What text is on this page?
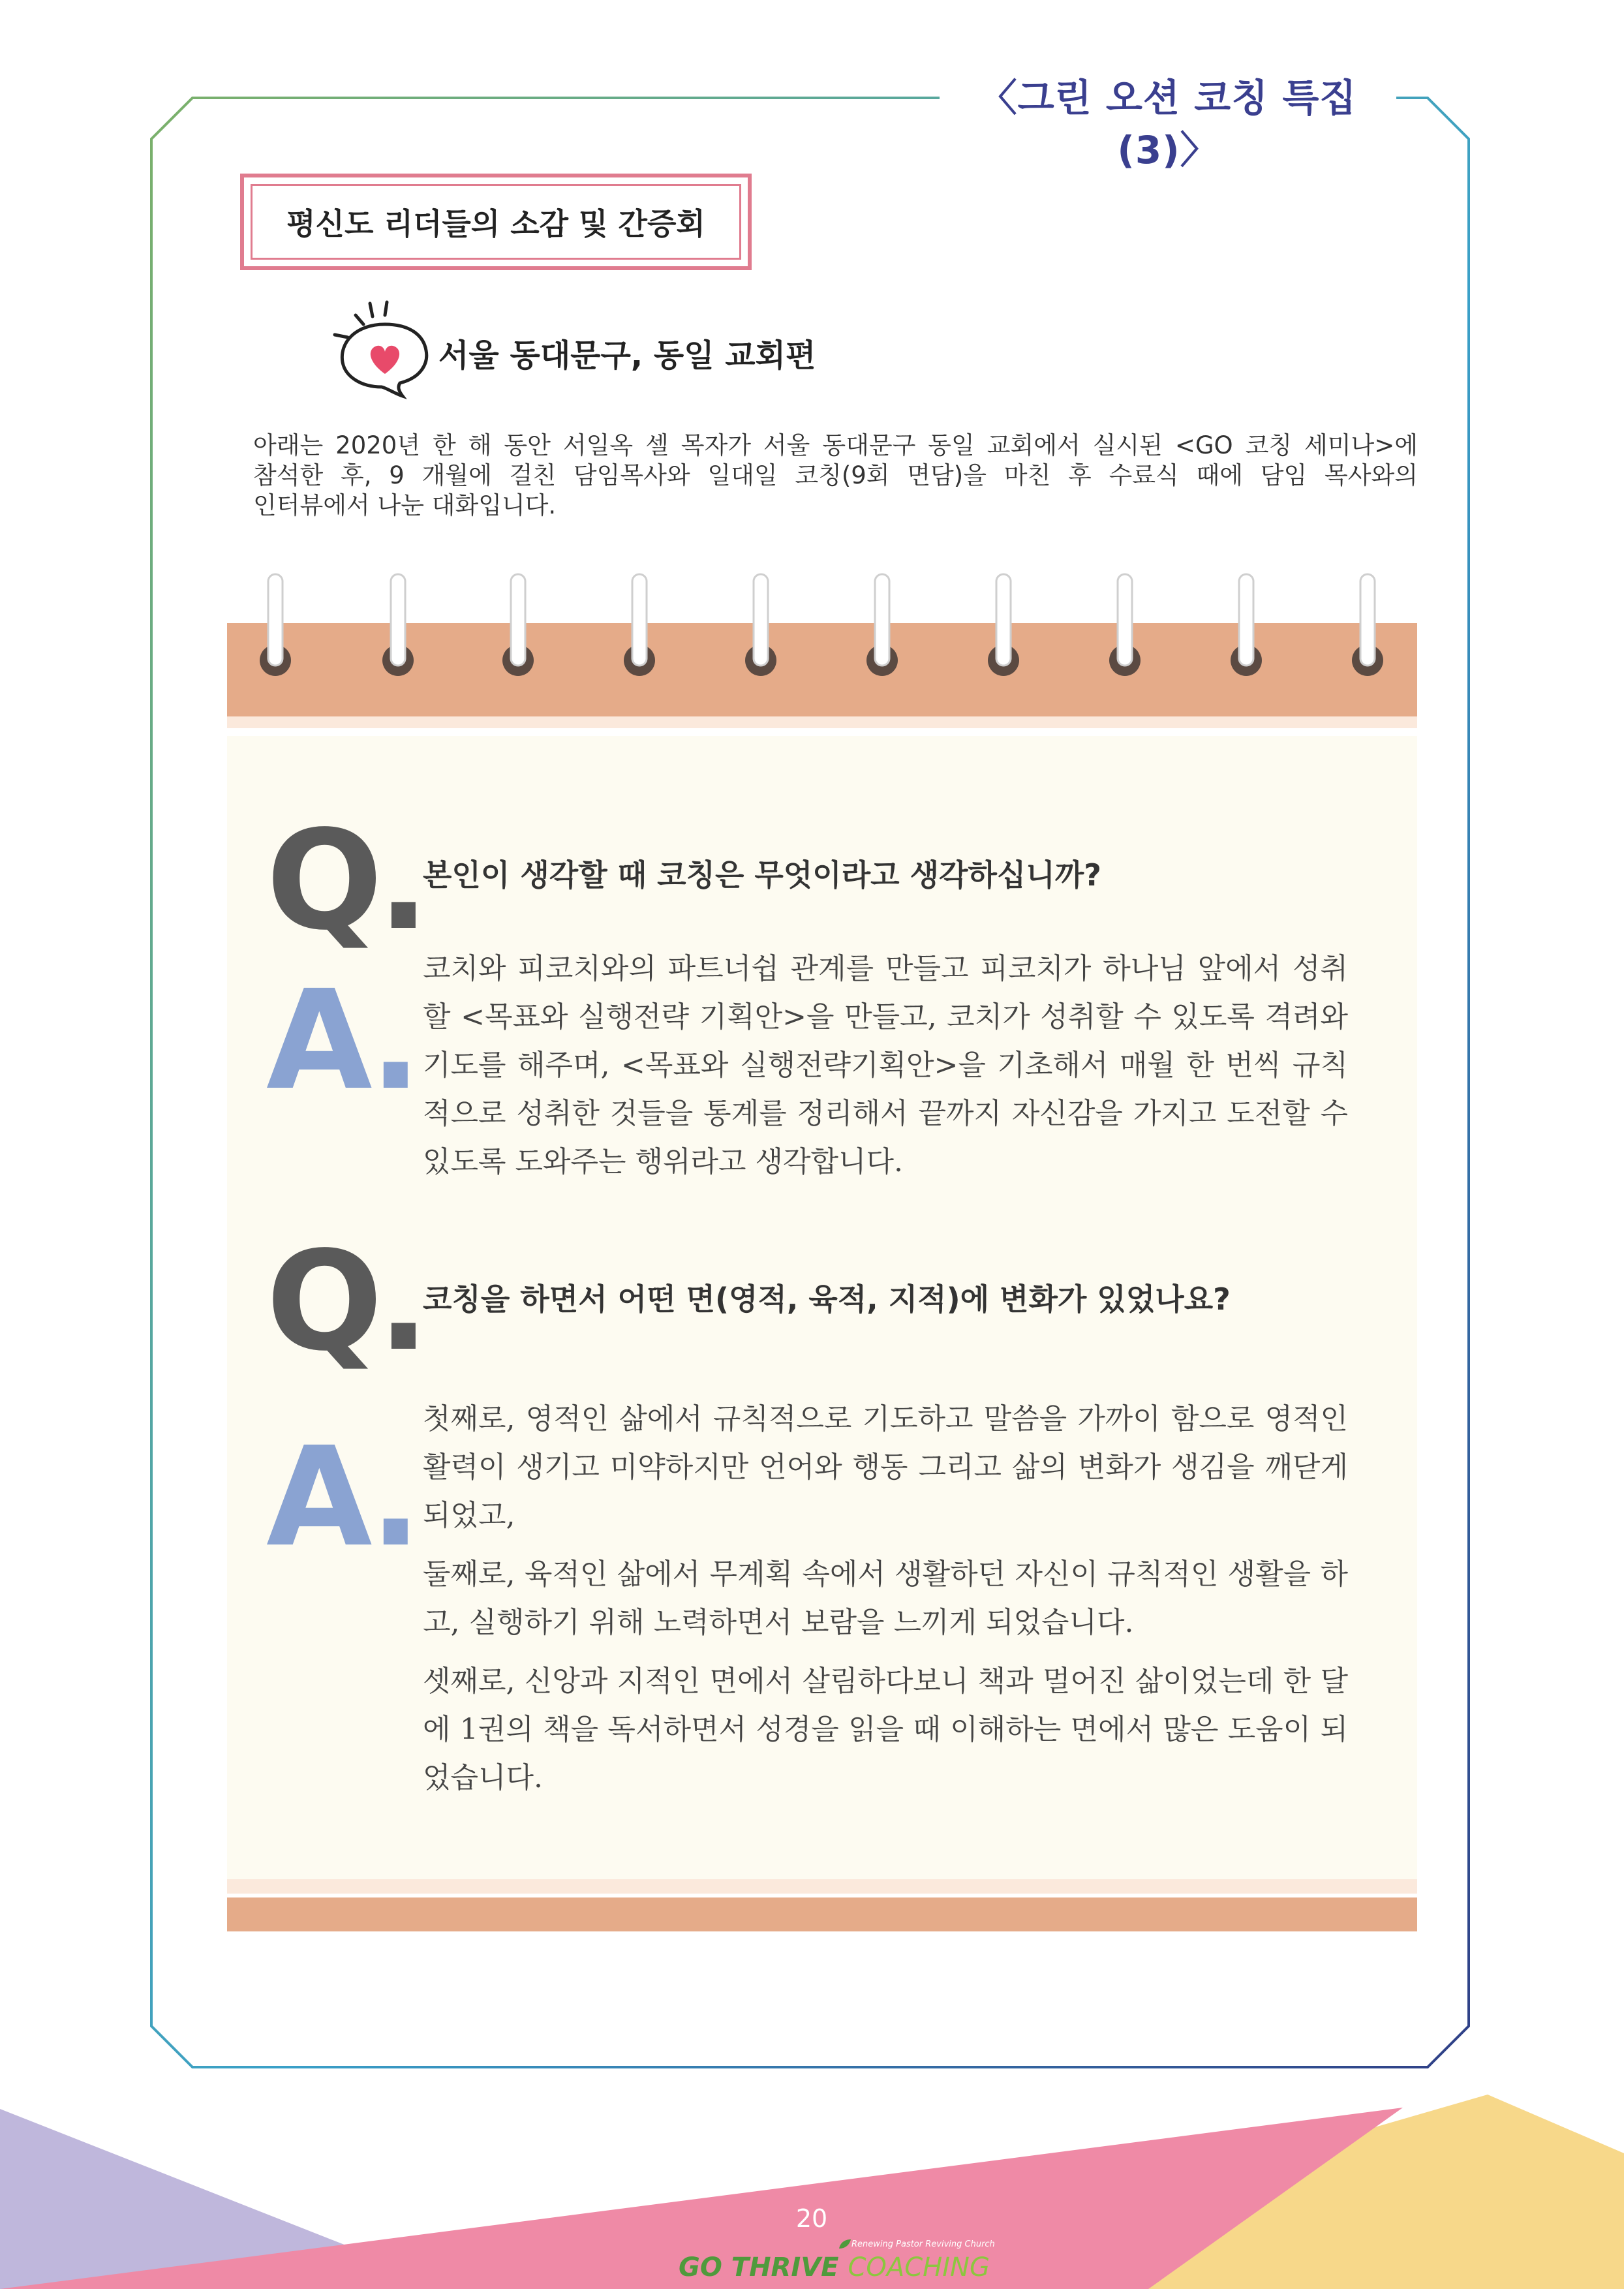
〈그린 오션 코칭 특집(3)〉
평신도 리더들의 소감 및 간증회
서울 동대문구, 동일 교회편

아래는 2020년 한 해 동안 서일옥 셀 목자가 서울 동대문구 동일 교회에서 실시된 <GO 코칭 세미나>에

참석한 후, 9 개월에 걸친 담임목사와 일대일 코칭(9회 면담)을 마친 후 수료식 때에 담임 목사와의

인터뷰에서 나눈 대화입니다.

Q.
본인이 생각할 때 코칭은 무엇이라고 생각하십니까?
A. 코치와 피코치와의 파트너쉽 관계를 만들고 피코치가 하나님 앞에서 성취할 <목표와 실행전략 기획안>을 만들고, 코치가 성취할 수 있도록 격려와 기도를 해주며, <목표와 실행전략기획안>을 기초해서 매월 한 번씩 규칙적으로 성취한 것들을 통계를 정리해서 끝까지 자신감을 가지고 도전할 수 있도록 도와주는 행위라고 생각합니다.

Q.
코칭을 하면서 어떤 면(영적, 육적, 지적)에 변화가 있었나요?
A. 첫째로, 영적인 삶에서 규칙적으로 기도하고 말씀을 가까이 함으로 영적인 활력이 생기고 미약하지만 언어와 행동 그리고 삶의 변화가 생김을 깨닫게 되었고,

둘째로, 육적인 삶에서 무계획 속에서 생활하던 자신이 규칙적인 생활을 하고, 실행하기 위해 노력하면서 보람을 느끼게 되었습니다.

셋째로, 신앙과 지적인 면에서 살림하다보니 책과 멀어진 삶이었는데 한 달에 1권의 책을 독서하면서 성경을 읽을 때 이해하는 면에서 많은 도움이 되었습니다.

20
Renewing Pastor Reviving Church
GO THRIVE COACHING
